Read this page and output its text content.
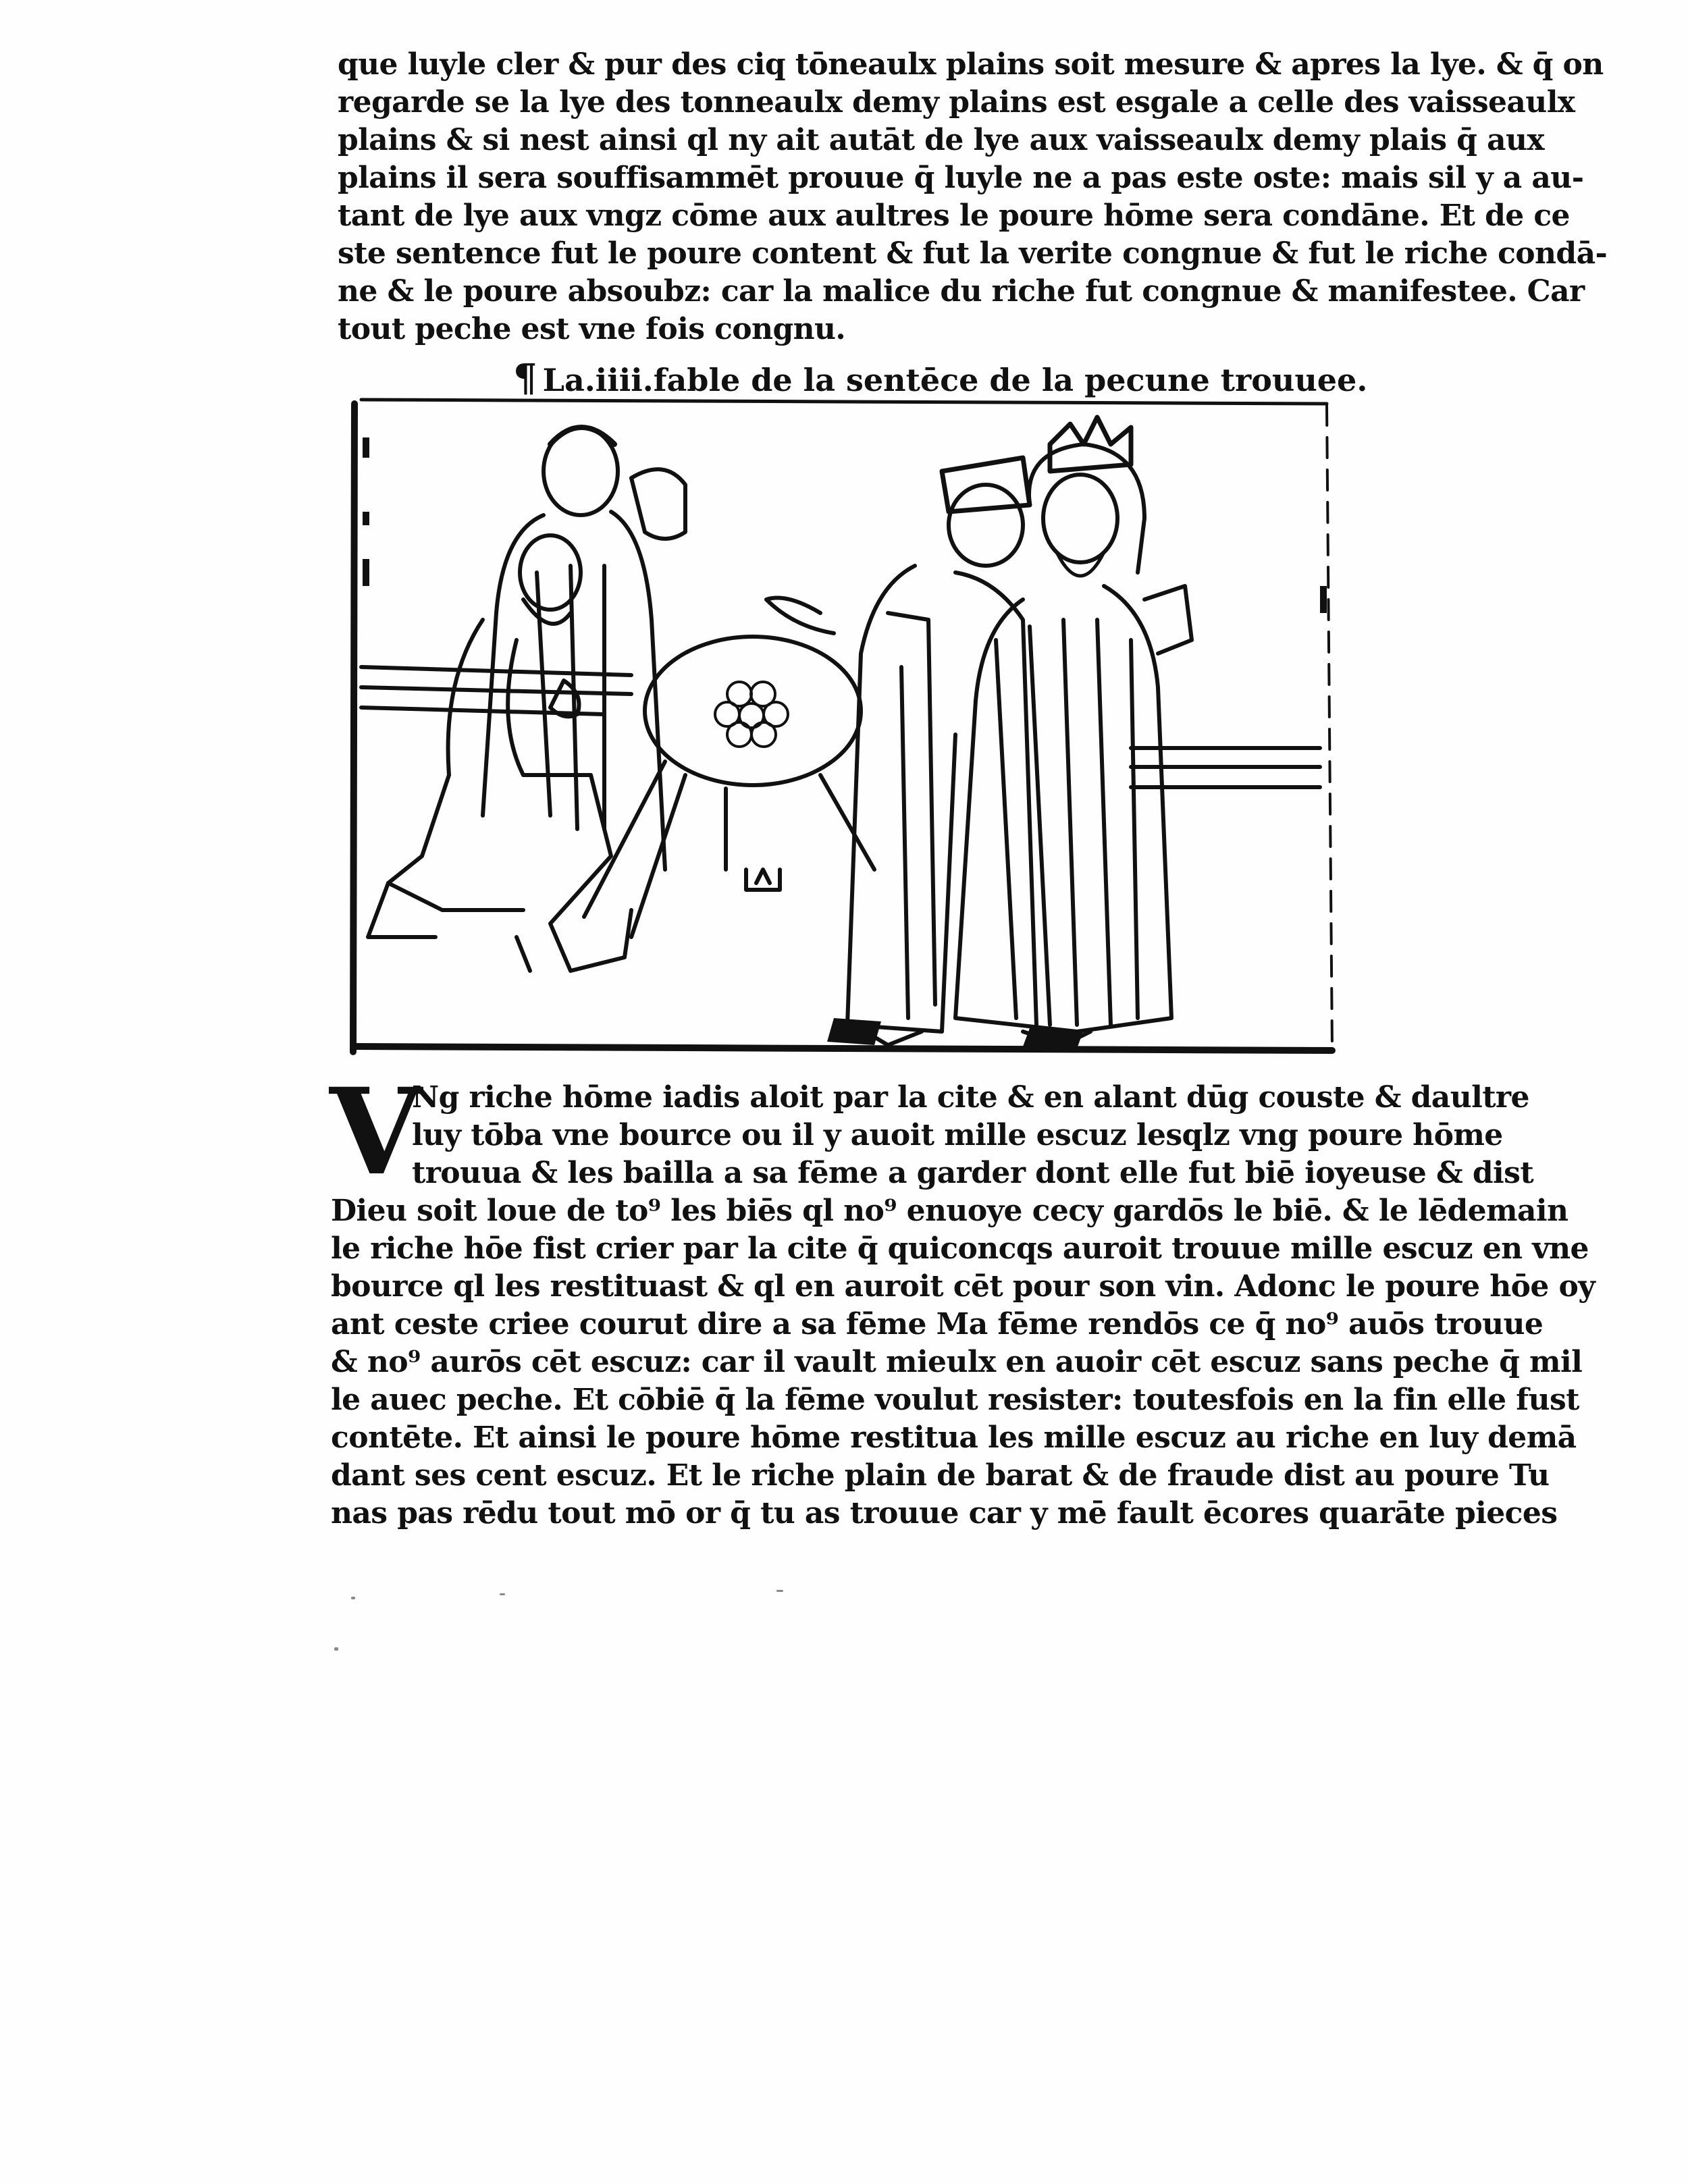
que luyle cler & pur des ciq tōneaulx plains soit mesure & apres la lye. & q̄ on
regarde se la lye des tonneaulx demy plains est esgale a celle des vaisseaulx
plains & si nest ainsi ql ny ait autāt de lye aux vaisseaulx demy plais q̄ aux
plains il sera souffisammēt prouue q̄ luyle ne a pas este oste: mais sil y a au-
tant de lye aux vngz cōme aux aultres le poure hōme sera condāne. Et de ce
ste sentence fut le poure content & fut la verite congnue & fut le riche condā-
ne & le poure absoubz: car la malice du riche fut congnue & manifestee. Car
tout peche est vne fois congnu.
¶ La.iiii.fable de la sentēce de la pecune trouuee.
V
Ng riche hōme iadis aloit par la cite & en alant dūg couste & daultre
luy tōba vne bource ou il y auoit mille escuz lesqlz vng poure hōme
trouua & les bailla a sa fēme a garder dont elle fut biē ioyeuse & dist
Dieu soit loue de to⁹ les biēs ql no⁹ enuoye cecy gardōs le biē. & le lēdemain
le riche hōe fist crier par la cite q̄ quiconcqs auroit trouue mille escuz en vne
bource ql les restituast & ql en auroit cēt pour son vin. Adonc le poure hōe oy
ant ceste criee courut dire a sa fēme Ma fēme rendōs ce q̄ no⁹ auōs trouue
& no⁹ aurōs cēt escuz: car il vault mieulx en auoir cēt escuz sans peche q̄ mil
le auec peche. Et cōbiē q̄ la fēme voulut resister: toutesfois en la fin elle fust
contēte. Et ainsi le poure hōme restitua les mille escuz au riche en luy demā
dant ses cent escuz. Et le riche plain de barat & de fraude dist au poure Tu
nas pas rēdu tout mō or q̄ tu as trouue car y mē fault ēcores quarāte pieces
